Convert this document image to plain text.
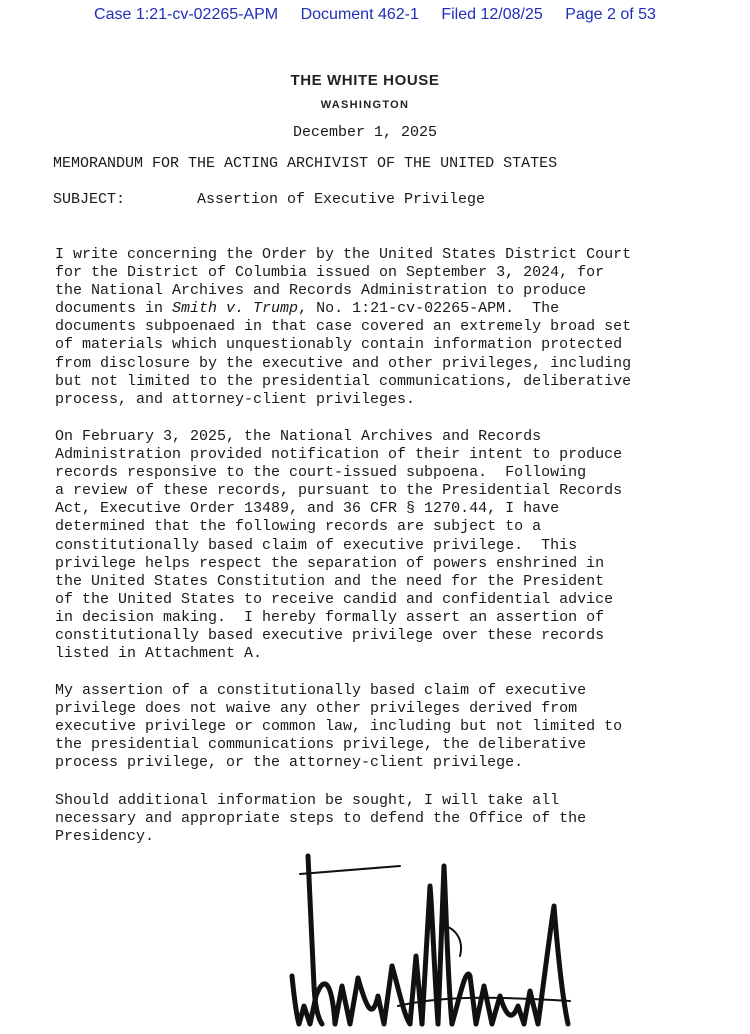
Case 1:21-cv-02265-APM Document 462-1 Filed 12/08/25 Page 2 of 53
THE WHITE HOUSE
WASHINGTON
December 1, 2025
MEMORANDUM FOR THE ACTING ARCHIVIST OF THE UNITED STATES
SUBJECT:	Assertion of Executive Privilege
I write concerning the Order by the United States District Court
for the District of Columbia issued on September 3, 2024, for
the National Archives and Records Administration to produce
documents in Smith v. Trump, No. 1:21-cv-02265-APM.  The
documents subpoenaed in that case covered an extremely broad set
of materials which unquestionably contain information protected
from disclosure by the executive and other privileges, including
but not limited to the presidential communications, deliberative
process, and attorney-client privileges.
On February 3, 2025, the National Archives and Records
Administration provided notification of their intent to produce
records responsive to the court-issued subpoena.  Following
a review of these records, pursuant to the Presidential Records
Act, Executive Order 13489, and 36 CFR § 1270.44, I have
determined that the following records are subject to a
constitutionally based claim of executive privilege.  This
privilege helps respect the separation of powers enshrined in
the United States Constitution and the need for the President
of the United States to receive candid and confidential advice
in decision making.  I hereby formally assert an assertion of
constitutionally based executive privilege over these records
listed in Attachment A.
My assertion of a constitutionally based claim of executive
privilege does not waive any other privileges derived from
executive privilege or common law, including but not limited to
the presidential communications privilege, the deliberative
process privilege, or the attorney-client privilege.
Should additional information be sought, I will take all
necessary and appropriate steps to defend the Office of the
Presidency.
